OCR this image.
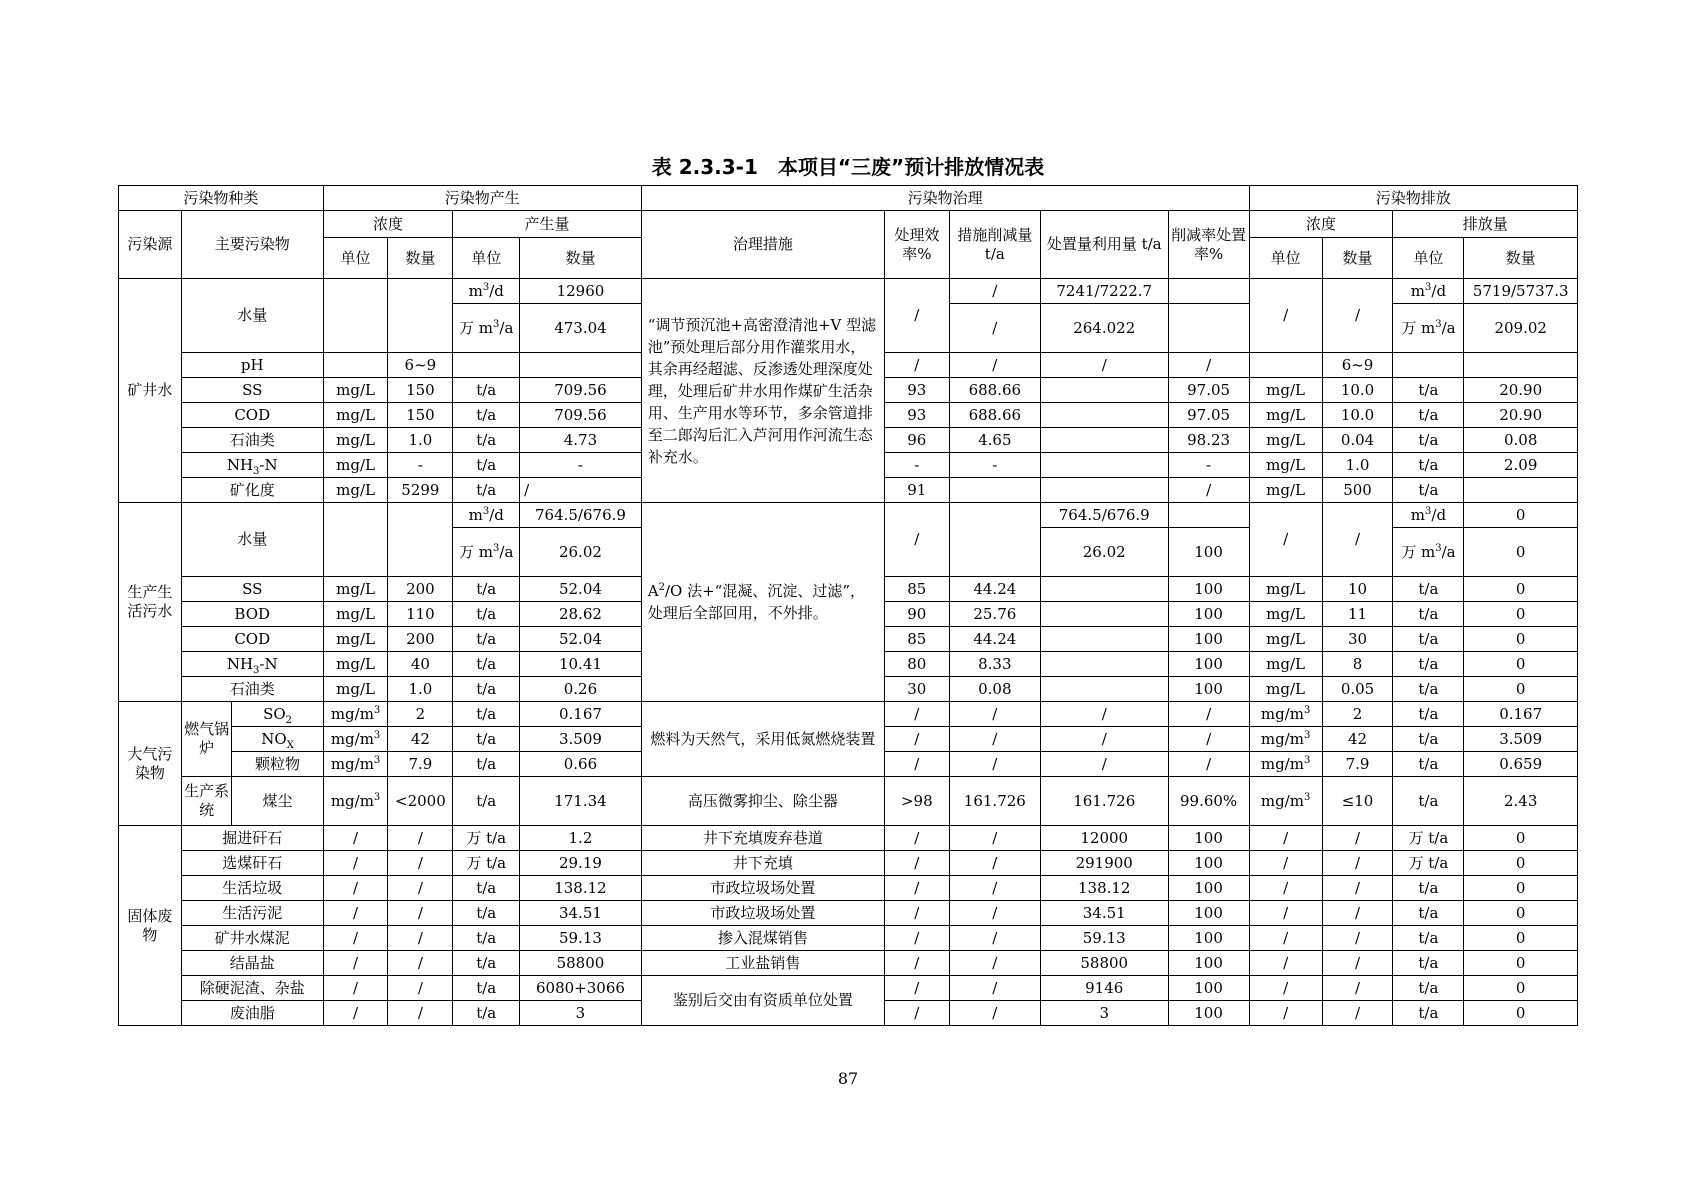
表 2.3.3-1　本项目“三废”预计排放情况表
污染物种类			污染物产生				污染物治理					污染物排放			
污染源	主要污染物		浓度		产生量		治理措施	处理效率%	措施削减量 t/a	处置量利用量 t/a	削减率处置率%	浓度		排放量	
			单位	数量	单位	数量						单位	数量	单位	数量
矿井水	水量				$m^3/d$	12960	“调节预沉池+高密澄清池+V 型滤池”预处理后部分用作灌浆用水，其余再经超滤、反渗透处理深度处理，处理后矿井水用作煤矿生活杂用、生产用水等环节，多余管道排至二郎沟后汇入芦河用作河流生态补充水。	/	/	7241/7222.7		/	/	$m^3/d$	5719/5737.3
					万 $m^3/a$	473.04			/	264.022				万 $m^3/a$	209.02
	pH			6~9				/	/	/	/		6~9		
	SS		mg/L	150	t/a	709.56		93	688.66		97.05	mg/L	10.0	t/a	20.90
	COD		mg/L	150	t/a	709.56		93	688.66		97.05	mg/L	10.0	t/a	20.90
	石油类		mg/L	1.0	t/a	4.73		96	4.65		98.23	mg/L	0.04	t/a	0.08
	$NH_3-N$		mg/L	-	t/a	-		-	-		-	mg/L	1.0	t/a	2.09
	矿化度		mg/L	5299	t/a	/		91			/	mg/L	500	t/a	
生产生活污水	水量				$m^3/d$	764.5/676.9	$A^2/O$ 法+“混凝、沉淀、过滤”，处理后全部回用，不外排。	/		764.5/676.9		/	/	$m^3/d$	0
					万 $m^3/a$	26.02				26.02	100			万 $m^3/a$	0
	SS		mg/L	200	t/a	52.04		85	44.24		100	mg/L	10	t/a	0
	BOD		mg/L	110	t/a	28.62		90	25.76		100	mg/L	11	t/a	0
	COD		mg/L	200	t/a	52.04		85	44.24		100	mg/L	30	t/a	0
	$NH_3-N$		mg/L	40	t/a	10.41		80	8.33		100	mg/L	8	t/a	0
	石油类		mg/L	1.0	t/a	0.26		30	0.08		100	mg/L	0.05	t/a	0
大气污染物	燃气锅炉	$SO_2$	$mg/m^3$	2	t/a	0.167	燃料为天然气，采用低氮燃烧装置	/	/	/	/	$mg/m^3$	2	t/a	0.167
		$NO_X$	$mg/m^3$	42	t/a	3.509		/	/	/	/	$mg/m^3$	42	t/a	3.509
		颗粒物	$mg/m^3$	7.9	t/a	0.66		/	/	/	/	$mg/m^3$	7.9	t/a	0.659
	生产系统	煤尘	$mg/m^3$	<2000	t/a	171.34	高压微雾抑尘、除尘器	>98	161.726	161.726	99.60%	$mg/m^3$	≤10	t/a	2.43
固体废物	掘进矸石		/	/	万 t/a	1.2	井下充填废弃巷道	/	/	12000	100	/	/	万 t/a	0
	选煤矸石		/	/	万 t/a	29.19	井下充填	/	/	291900	100	/	/	万 t/a	0
	生活垃圾		/	/	t/a	138.12	市政垃圾场处置	/	/	138.12	100	/	/	t/a	0
	生活污泥		/	/	t/a	34.51	市政垃圾场处置	/	/	34.51	100	/	/	t/a	0
	矿井水煤泥		/	/	t/a	59.13	掺入混煤销售	/	/	59.13	100	/	/	t/a	0
	结晶盐		/	/	t/a	58800	工业盐销售	/	/	58800	100	/	/	t/a	0
	除硬泥渣、杂盐		/	/	t/a	6080+3066	鉴别后交由有资质单位处置	/	/	9146	100	/	/	t/a	0
	废油脂		/	/	t/a	3		/	/	3	100	/	/	t/a	0
87
